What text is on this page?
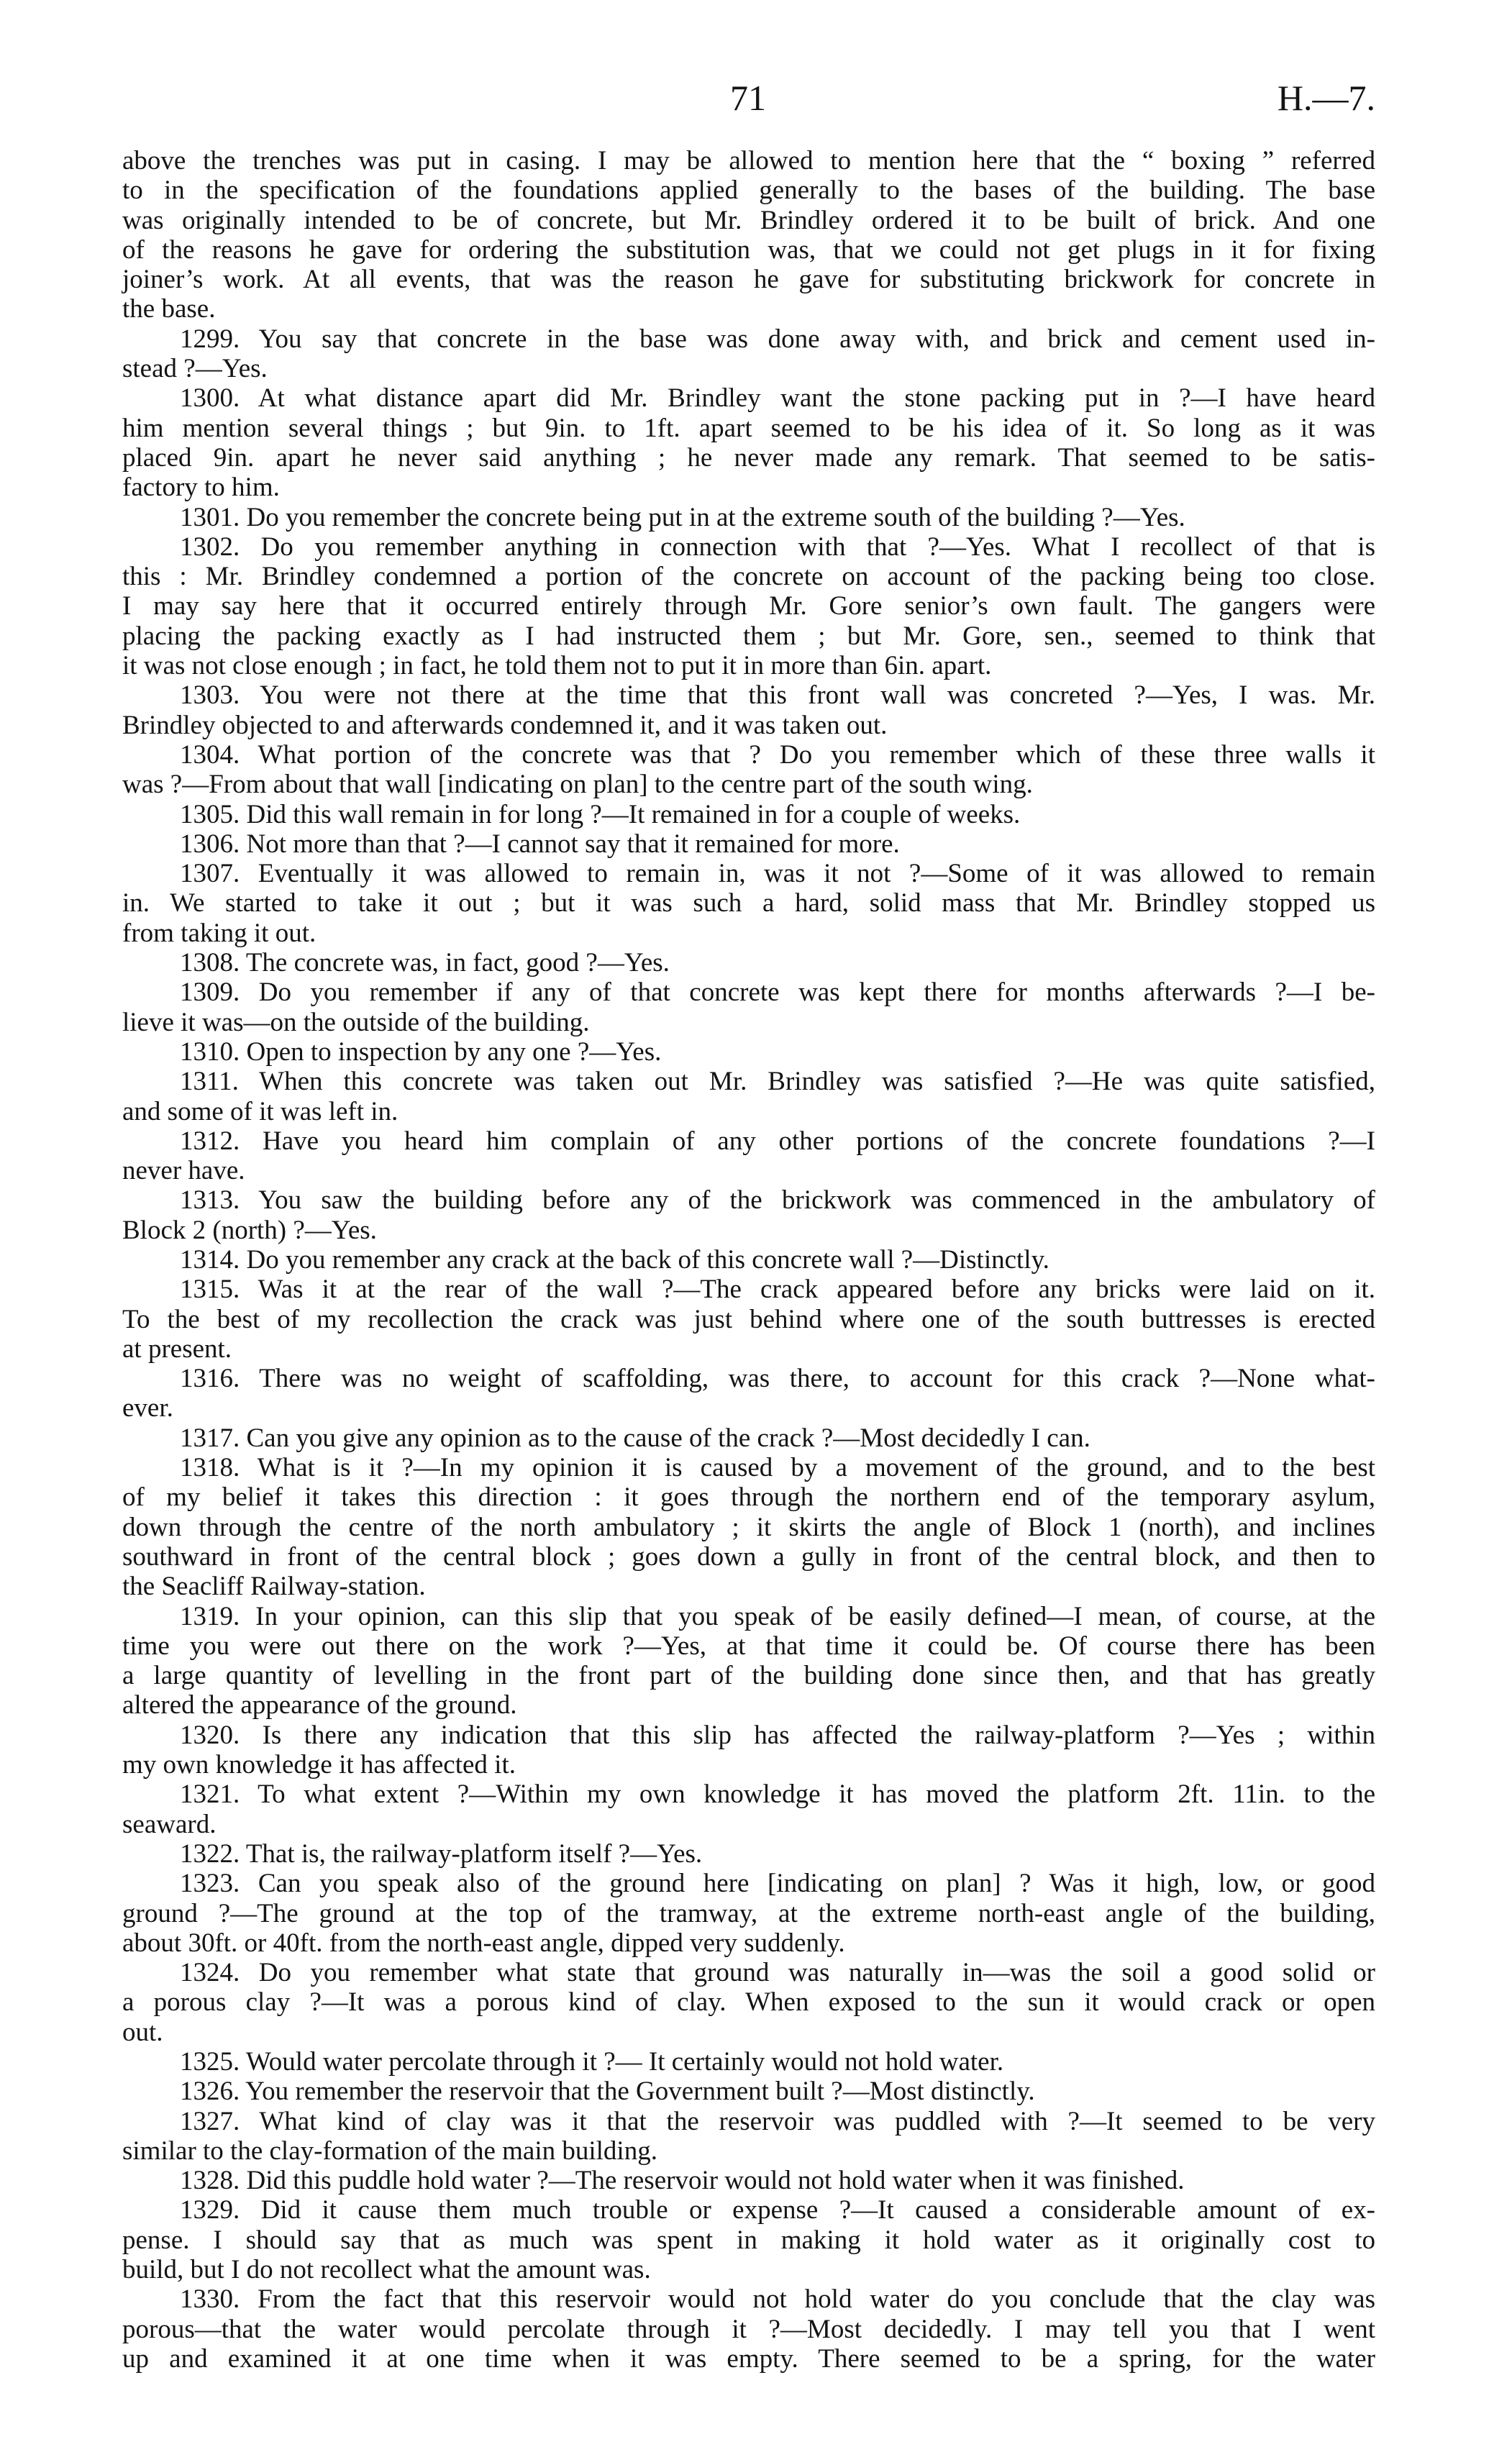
71	H.—7.
above the trenches was put in casing. I may be allowed to mention here that the “ boxing ” referred
to in the specification of the foundations applied generally to the bases of the building. The base
was originally intended to be of concrete, but Mr. Brindley ordered it to be built of brick. And one
of the reasons he gave for ordering the substitution was, that we could not get plugs in it for fixing
joiner’s work. At all events, that was the reason he gave for substituting brickwork for concrete in
the base.
1299. You say that concrete in the base was done away with, and brick and cement used in-
stead ?—Yes.
1300. At what distance apart did Mr. Brindley want the stone packing put in ?—I have heard
him mention several things ; but 9in. to 1ft. apart seemed to be his idea of it. So long as it was
placed 9in. apart he never said anything ; he never made any remark. That seemed to be satis-
factory to him.
1301. Do you remember the concrete being put in at the extreme south of the building ?—Yes.
1302. Do you remember anything in connection with that ?—Yes. What I recollect of that is
this : Mr. Brindley condemned a portion of the concrete on account of the packing being too close.
I may say here that it occurred entirely through Mr. Gore senior’s own fault. The gangers were
placing the packing exactly as I had instructed them ; but Mr. Gore, sen., seemed to think that
it was not close enough ; in fact, he told them not to put it in more than 6in. apart.
1303. You were not there at the time that this front wall was concreted ?—Yes, I was. Mr.
Brindley objected to and afterwards condemned it, and it was taken out.
1304. What portion of the concrete was that ? Do you remember which of these three walls it
was ?—From about that wall [indicating on plan] to the centre part of the south wing.
1305. Did this wall remain in for long ?—It remained in for a couple of weeks.
1306. Not more than that ?—I cannot say that it remained for more.
1307. Eventually it was allowed to remain in, was it not ?—Some of it was allowed to remain
in. We started to take it out ; but it was such a hard, solid mass that Mr. Brindley stopped us
from taking it out.
1308. The concrete was, in fact, good ?—Yes.
1309. Do you remember if any of that concrete was kept there for months afterwards ?—I be-
lieve it was—on the outside of the building.
1310. Open to inspection by any one ?—Yes.
1311. When this concrete was taken out Mr. Brindley was satisfied ?—He was quite satisfied,
and some of it was left in.
1312. Have you heard him complain of any other portions of the concrete foundations ?—I
never have.
1313. You saw the building before any of the brickwork was commenced in the ambulatory of
Block 2 (north) ?—Yes.
1314. Do you remember any crack at the back of this concrete wall ?—Distinctly.
1315. Was it at the rear of the wall ?—The crack appeared before any bricks were laid on it.
To the best of my recollection the crack was just behind where one of the south buttresses is erected
at present.
1316. There was no weight of scaffolding, was there, to account for this crack ?—None what-
ever.
1317. Can you give any opinion as to the cause of the crack ?—Most decidedly I can.
1318. What is it ?—In my opinion it is caused by a movement of the ground, and to the best
of my belief it takes this direction : it goes through the northern end of the temporary asylum,
down through the centre of the north ambulatory ; it skirts the angle of Block 1 (north), and inclines
southward in front of the central block ; goes down a gully in front of the central block, and then to
the Seacliff Railway-station.
1319. In your opinion, can this slip that you speak of be easily defined—I mean, of course, at the
time you were out there on the work ?—Yes, at that time it could be. Of course there has been
a large quantity of levelling in the front part of the building done since then, and that has greatly
altered the appearance of the ground.
1320. Is there any indication that this slip has affected the railway-platform ?—Yes ; within
my own knowledge it has affected it.
1321. To what extent ?—Within my own knowledge it has moved the platform 2ft. 11in. to the
seaward.
1322. That is, the railway-platform itself ?—Yes.
1323. Can you speak also of the ground here [indicating on plan] ? Was it high, low, or good
ground ?—The ground at the top of the tramway, at the extreme north-east angle of the building,
about 30ft. or 40ft. from the north-east angle, dipped very suddenly.
1324. Do you remember what state that ground was naturally in—was the soil a good solid or
a porous clay ?—It was a porous kind of clay. When exposed to the sun it would crack or open
out.
1325. Would water percolate through it ?— It certainly would not hold water.
1326. You remember the reservoir that the Government built ?—Most distinctly.
1327. What kind of clay was it that the reservoir was puddled with ?—It seemed to be very
similar to the clay-formation of the main building.
1328. Did this puddle hold water ?—The reservoir would not hold water when it was finished.
1329. Did it cause them much trouble or expense ?—It caused a considerable amount of ex-
pense. I should say that as much was spent in making it hold water as it originally cost to
build, but I do not recollect what the amount was.
1330. From the fact that this reservoir would not hold water do you conclude that the clay was
porous—that the water would percolate through it ?—Most decidedly. I may tell you that I went
up and examined it at one time when it was empty. There seemed to be a spring, for the water
